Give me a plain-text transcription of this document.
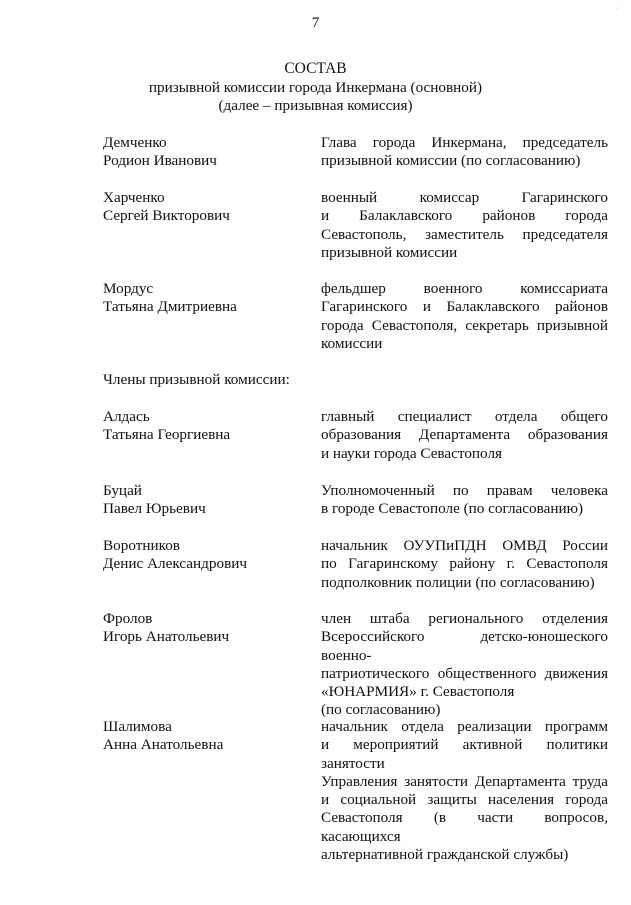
ˋ
7
СОСТАВ
призывной комиссии города Инкермана (основной)
(далее – призывная комиссия)
Демченко
Родион Иванович
Глава города Инкермана, председатель
призывной комиссии (по согласованию)
Харченко
Сергей Викторович
военный комиссар Гагаринского
и Балаклавского районов города
Севастополь, заместитель председателя
призывной комиссии
Мордус
Татьяна Дмитриевна
фельдшер военного комиссариата
Гагаринского и Балаклавского районов
города Севастополя, секретарь призывной
комиссии
Члены призывной комиссии:
Алдась
Татьяна Георгиевна
главный специалист отдела общего
образования Департамента образования
и науки города Севастополя
Буцай
Павел Юрьевич
Уполномоченный по правам человека
в городе Севастополе (по согласованию)
Воротников
Денис Александрович
начальник ОУУПиПДН ОМВД России
по Гагаринскому району г. Севастополя
подполковник полиции (по согласованию)
Фролов
Игорь Анатольевич
член штаба регионального отделения
Всероссийского детско-юношеского военно-
патриотического общественного движения
«ЮНАРМИЯ» г. Севастополя
(по согласованию)
Шалимова
Анна Анатольевна
начальник отдела реализации программ
и мероприятий активной политики занятости
Управления занятости Департамента труда
и социальной защиты населения города
Севастополя (в части вопросов, касающихся
альтернативной гражданской службы)
